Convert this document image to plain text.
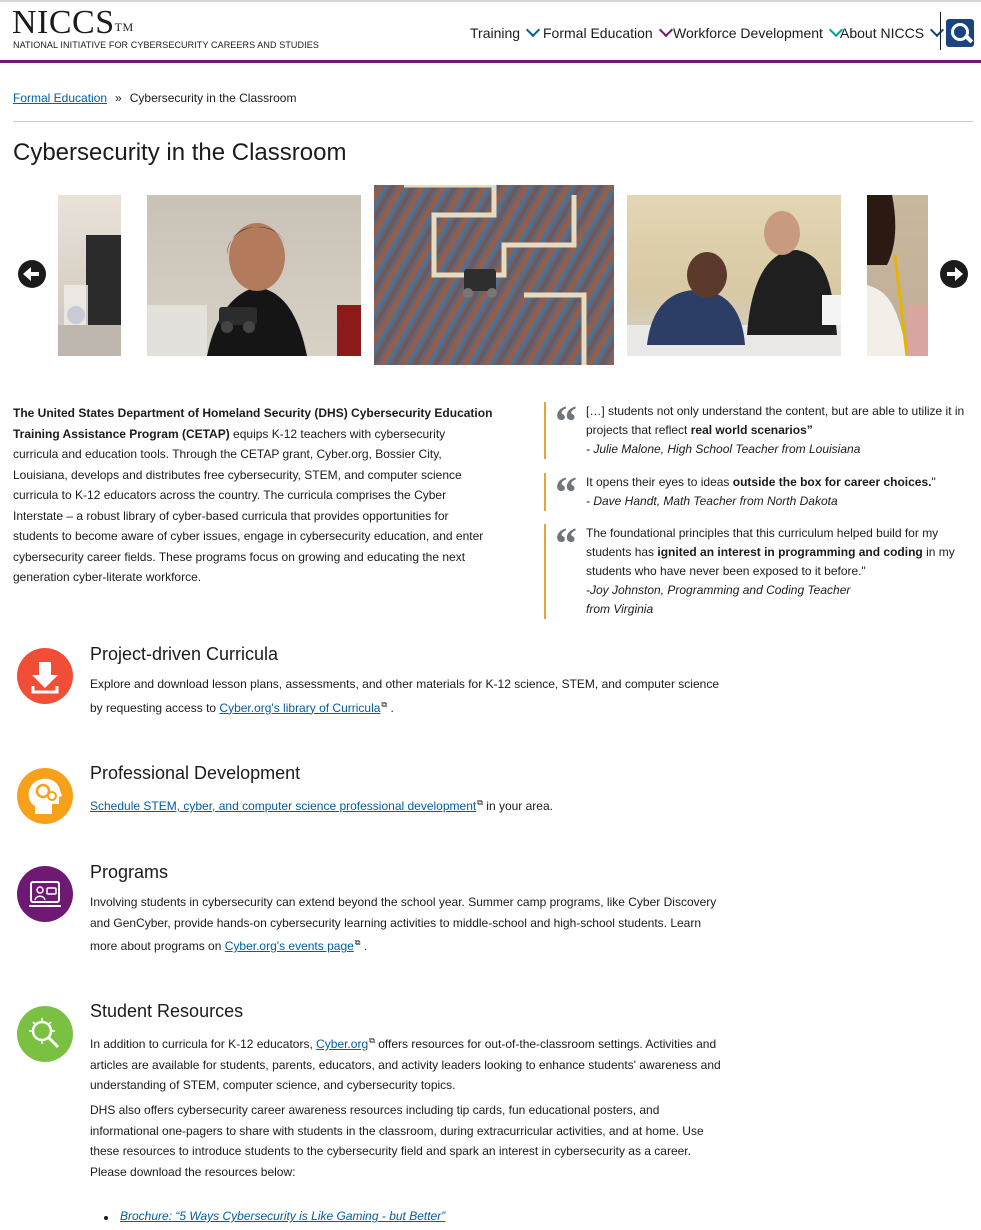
NICCS™
NATIONAL INITIATIVE FOR CYBERSECURITY CAREERS AND STUDIES
Training Formal Education Workforce Development About NICCS
Formal Education » Cybersecurity in the Classroom
Cybersecurity in the Classroom

The United States Department of Homeland Security (DHS) Cybersecurity Education Training Assistance Program (CETAP) equips K-12 teachers with cybersecurity curricula and education tools. Through the CETAP grant, Cyber.org, Bossier City, Louisiana, develops and distributes free cybersecurity, STEM, and computer science curricula to K-12 educators across the country. The curricula comprises the Cyber Interstate – a robust library of cyber-based curricula that provides opportunities for students to become aware of cyber issues, engage in cybersecurity education, and enter cybersecurity career fields. These programs focus on growing and educating the next generation cyber-literate workforce.

“ […] students not only understand the content, but are able to utilize it in projects that reflect real world scenarios”
- Julie Malone, High School Teacher from Louisiana
“ It opens their eyes to ideas outside the box for career choices."
- Dave Handt, Math Teacher from North Dakota
“ The foundational principles that this curriculum helped build for my students has ignited an interest in programming and coding in my students who have never been exposed to it before."
-Joy Johnston, Programming and Coding Teacher
from Virginia
Project-driven Curricula

Explore and download lesson plans, assessments, and other materials for K-12 science, STEM, and computer science by requesting access to Cyber.org's library of Curricula⧉ .

Professional Development

Schedule STEM, cyber, and computer science professional development⧉ in your area.

Programs

Involving students in cybersecurity can extend beyond the school year. Summer camp programs, like Cyber Discovery and GenCyber, provide hands-on cybersecurity learning activities to middle-school and high-school students. Learn more about programs on Cyber.org's events page⧉ .

Student Resources

In addition to curricula for K-12 educators, Cyber.org⧉ offers resources for out-of-the-classroom settings. Activities and articles are available for students, parents, educators, and activity leaders looking to enhance students' awareness and understanding of STEM, computer science, and cybersecurity topics.

DHS also offers cybersecurity career awareness resources including tip cards, fun educational posters, and informational one-pagers to share with students in the classroom, during extracurricular activities, and at home. Use these resources to introduce students to the cybersecurity field and spark an interest in cybersecurity as a career. Please download the resources below:

Brochure: “5 Ways Cybersecurity is Like Gaming - but Better”
